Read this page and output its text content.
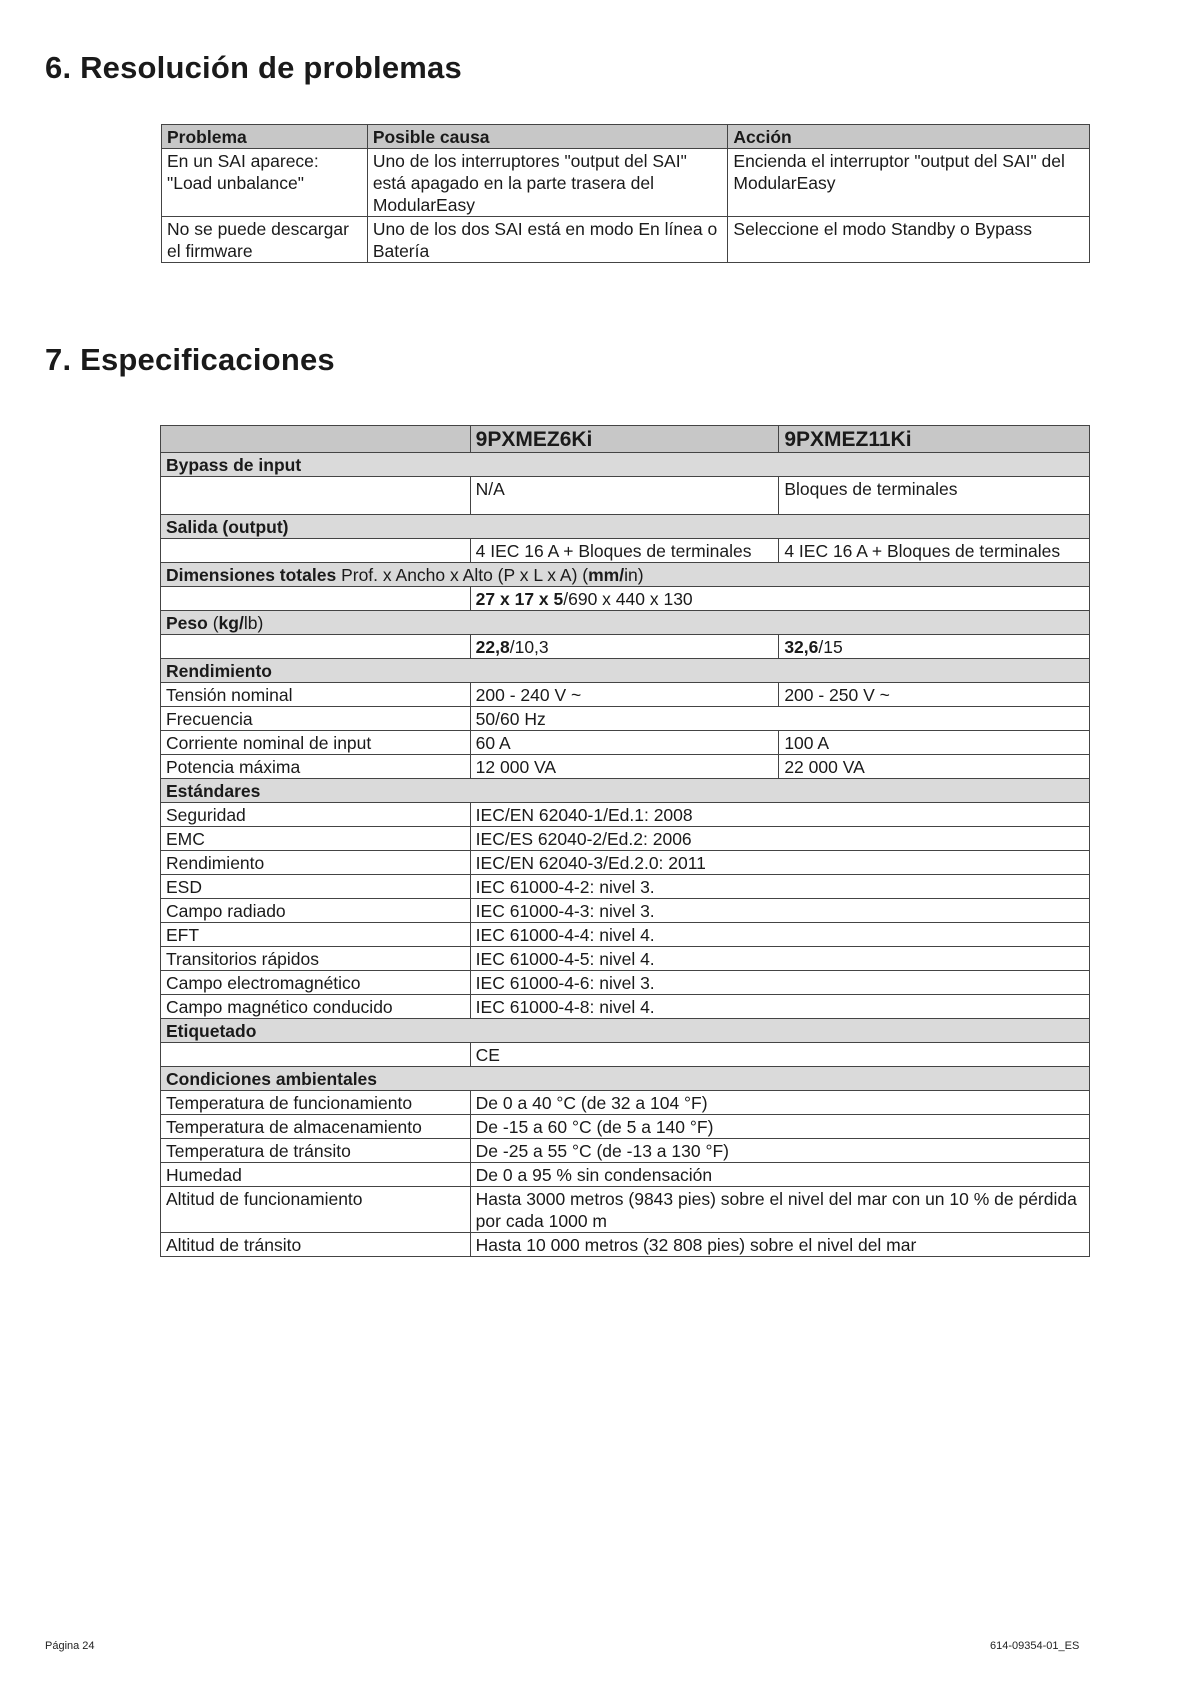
6. Resolución de problemas
Problema	Posible causa	Acción
En un SAI aparece: "Load unbalance"	Uno de los interruptores "output del SAI" está apagado en la parte trasera del ModularEasy	Encienda el interruptor "output del SAI" del ModularEasy
No se puede descargar el firmware	Uno de los dos SAI está en modo En línea o Batería	Seleccione el modo Standby o Bypass
7. Especificaciones
	9PXMEZ6Ki	9PXMEZ11Ki
Bypass de input		
	N/A	Bloques de terminales
Salida (output)		
	4 IEC 16 A + Bloques de terminales	4 IEC 16 A + Bloques de terminales
Dimensiones totales Prof. x Ancho x Alto (P x L x A) (mm/in)		
	27 x 17 x 5/690 x 440 x 130	
Peso (kg/lb)		
	22,8/10,3	32,6/15
Rendimiento		
Tensión nominal	200 - 240 V ~	200 - 250 V ~
Frecuencia	50/60 Hz	
Corriente nominal de input	60 A	100 A
Potencia máxima	12 000 VA	22 000 VA
Estándares		
Seguridad	IEC/EN 62040-1/Ed.1: 2008	
EMC	IEC/ES 62040-2/Ed.2: 2006	
Rendimiento	IEC/EN 62040-3/Ed.2.0: 2011	
ESD	IEC 61000-4-2: nivel 3.	
Campo radiado	IEC 61000-4-3: nivel 3.	
EFT	IEC 61000-4-4: nivel 4.	
Transitorios rápidos	IEC 61000-4-5: nivel 4.	
Campo electromagnético	IEC 61000-4-6: nivel 3.	
Campo magnético conducido	IEC 61000-4-8: nivel 4.	
Etiquetado		
	CE	
Condiciones ambientales		
Temperatura de funcionamiento	De 0 a 40 °C (de 32 a 104 °F)	
Temperatura de almacenamiento	De -15 a 60 °C (de 5 a 140 °F)	
Temperatura de tránsito	De -25 a 55 °C (de -13 a 130 °F)	
Humedad	De 0 a 95 % sin condensación	
Altitud de funcionamiento	Hasta 3000 metros (9843 pies) sobre el nivel del mar con un 10 % de pérdida por cada 1000 m	
Altitud de tránsito	Hasta 10 000 metros (32 808 pies) sobre el nivel del mar	
Página 24	614-09354-01_ES
